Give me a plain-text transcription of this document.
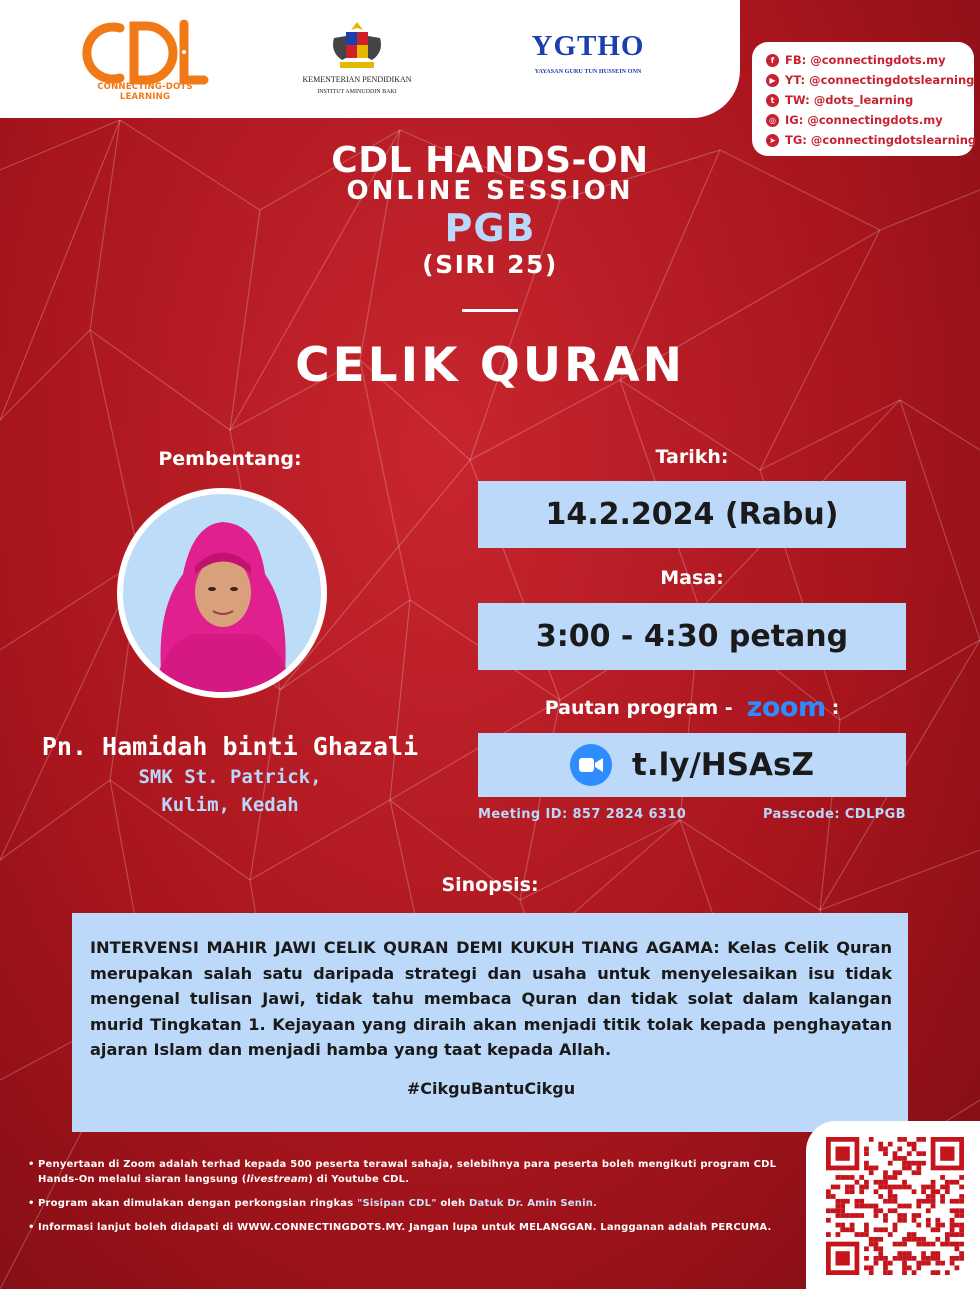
CONNECTING-DOTS LEARNING
KEMENTERIAN PENDIDIKAN
INSTITUT AMINUDDIN BAKI
YGTHO
YAYASAN GURU TUN HUSSEIN ONN
f FB: @connectingdots.my
▶ YT: @connectingdotslearning
t TW: @dots_learning
◎ IG: @connectingdots.my
➤ TG: @connectingdotslearning
CDL HANDS-ON
ONLINE SESSION
PGB
(SIRI 25)
CELIK QURAN
Pembentang:
Pn. Hamidah binti Ghazali
SMK St. Patrick,
Kulim, Kedah
Tarikh:
14.2.2024 (Rabu)
Masa:
3:00 - 4:30 petang
Pautan program - zoom :
t.ly/HSAsZ
Meeting ID: 857 2824 6310	Passcode: CDLPGB
Sinopsis:
INTERVENSI MAHIR JAWI CELIK QURAN DEMI KUKUH TIANG AGAMA: Kelas Celik Quran merupakan salah satu daripada strategi dan usaha untuk menyelesaikan isu tidak mengenal tulisan Jawi, tidak tahu membaca Quran dan tidak solat dalam kalangan murid Tingkatan 1. Kejayaan yang diraih akan menjadi titik tolak kepada penghayatan ajaran Islam dan menjadi hamba yang taat kepada Allah.
#CikguBantuCikgu
• Penyertaan di Zoom adalah terhad kepada 500 peserta terawal sahaja, selebihnya para peserta boleh mengikuti program CDL Hands-On melalui siaran langsung (livestream) di Youtube CDL.
• Program akan dimulakan dengan perkongsian ringkas "Sisipan CDL" oleh Datuk Dr. Amin Senin.
• Informasi lanjut boleh didapati di WWW.CONNECTINGDOTS.MY. Jangan lupa untuk MELANGGAN. Langganan adalah PERCUMA.
